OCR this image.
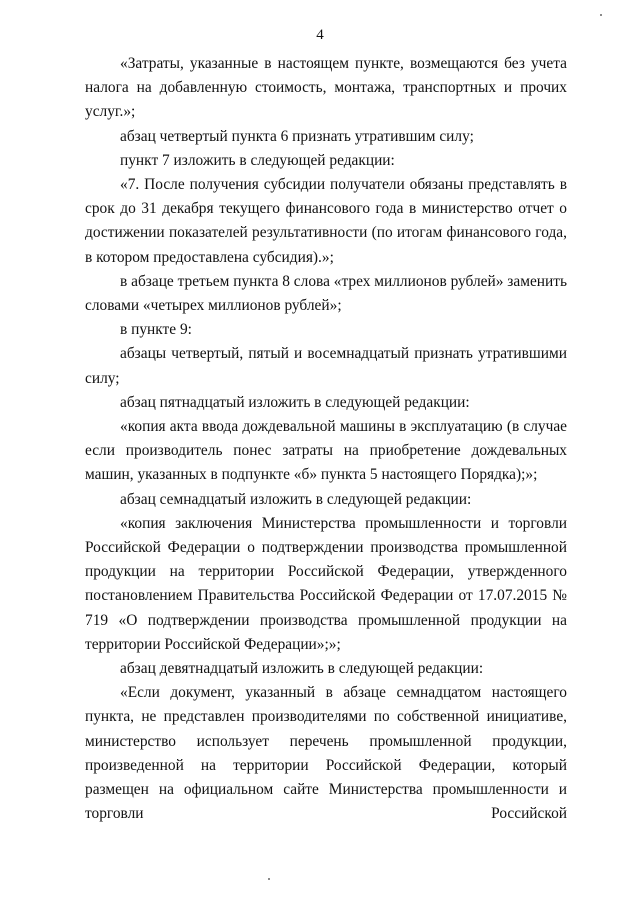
4

«Затраты, указанные в настоящем пункте, возмещаются без учета налога на добавленную стоимость, монтажа, транспортных и прочих услуг.»;

абзац четвертый пункта 6 признать утратившим силу;

пункт 7 изложить в следующей редакции:

«7. После получения субсидии получатели обязаны представлять в срок до 31 декабря текущего финансового года в министерство отчет о достижении показателей результативности (по итогам финансового года, в котором предоставлена субсидия).»;

в абзаце третьем пункта 8 слова «трех миллионов рублей» заменить словами «четырех миллионов рублей»;

в пункте 9:

абзацы четвертый, пятый и восемнадцатый признать утратившими силу;

абзац пятнадцатый изложить в следующей редакции:

«копия акта ввода дождевальной машины в эксплуатацию (в случае если производитель понес затраты на приобретение дождевальных машин, указанных в подпункте «б» пункта 5 настоящего Порядка);»;

абзац семнадцатый изложить в следующей редакции:

«копия заключения Министерства промышленности и торговли Российской Федерации о подтверждении производства промышленной продукции на территории Российской Федерации, утвержденного постановлением Правительства Российской Федерации от 17.07.2015 № 719 «О подтверждении производства промышленной продукции на территории Российской Федерации»;»;

абзац девятнадцатый изложить в следующей редакции:

«Если документ, указанный в абзаце семнадцатом настоящего пункта, не представлен производителями по собственной инициативе, министерство использует перечень промышленной продукции, произведенной на территории Российской Федерации, который размещен на официальном сайте Министерства промышленности и торговли Российской
